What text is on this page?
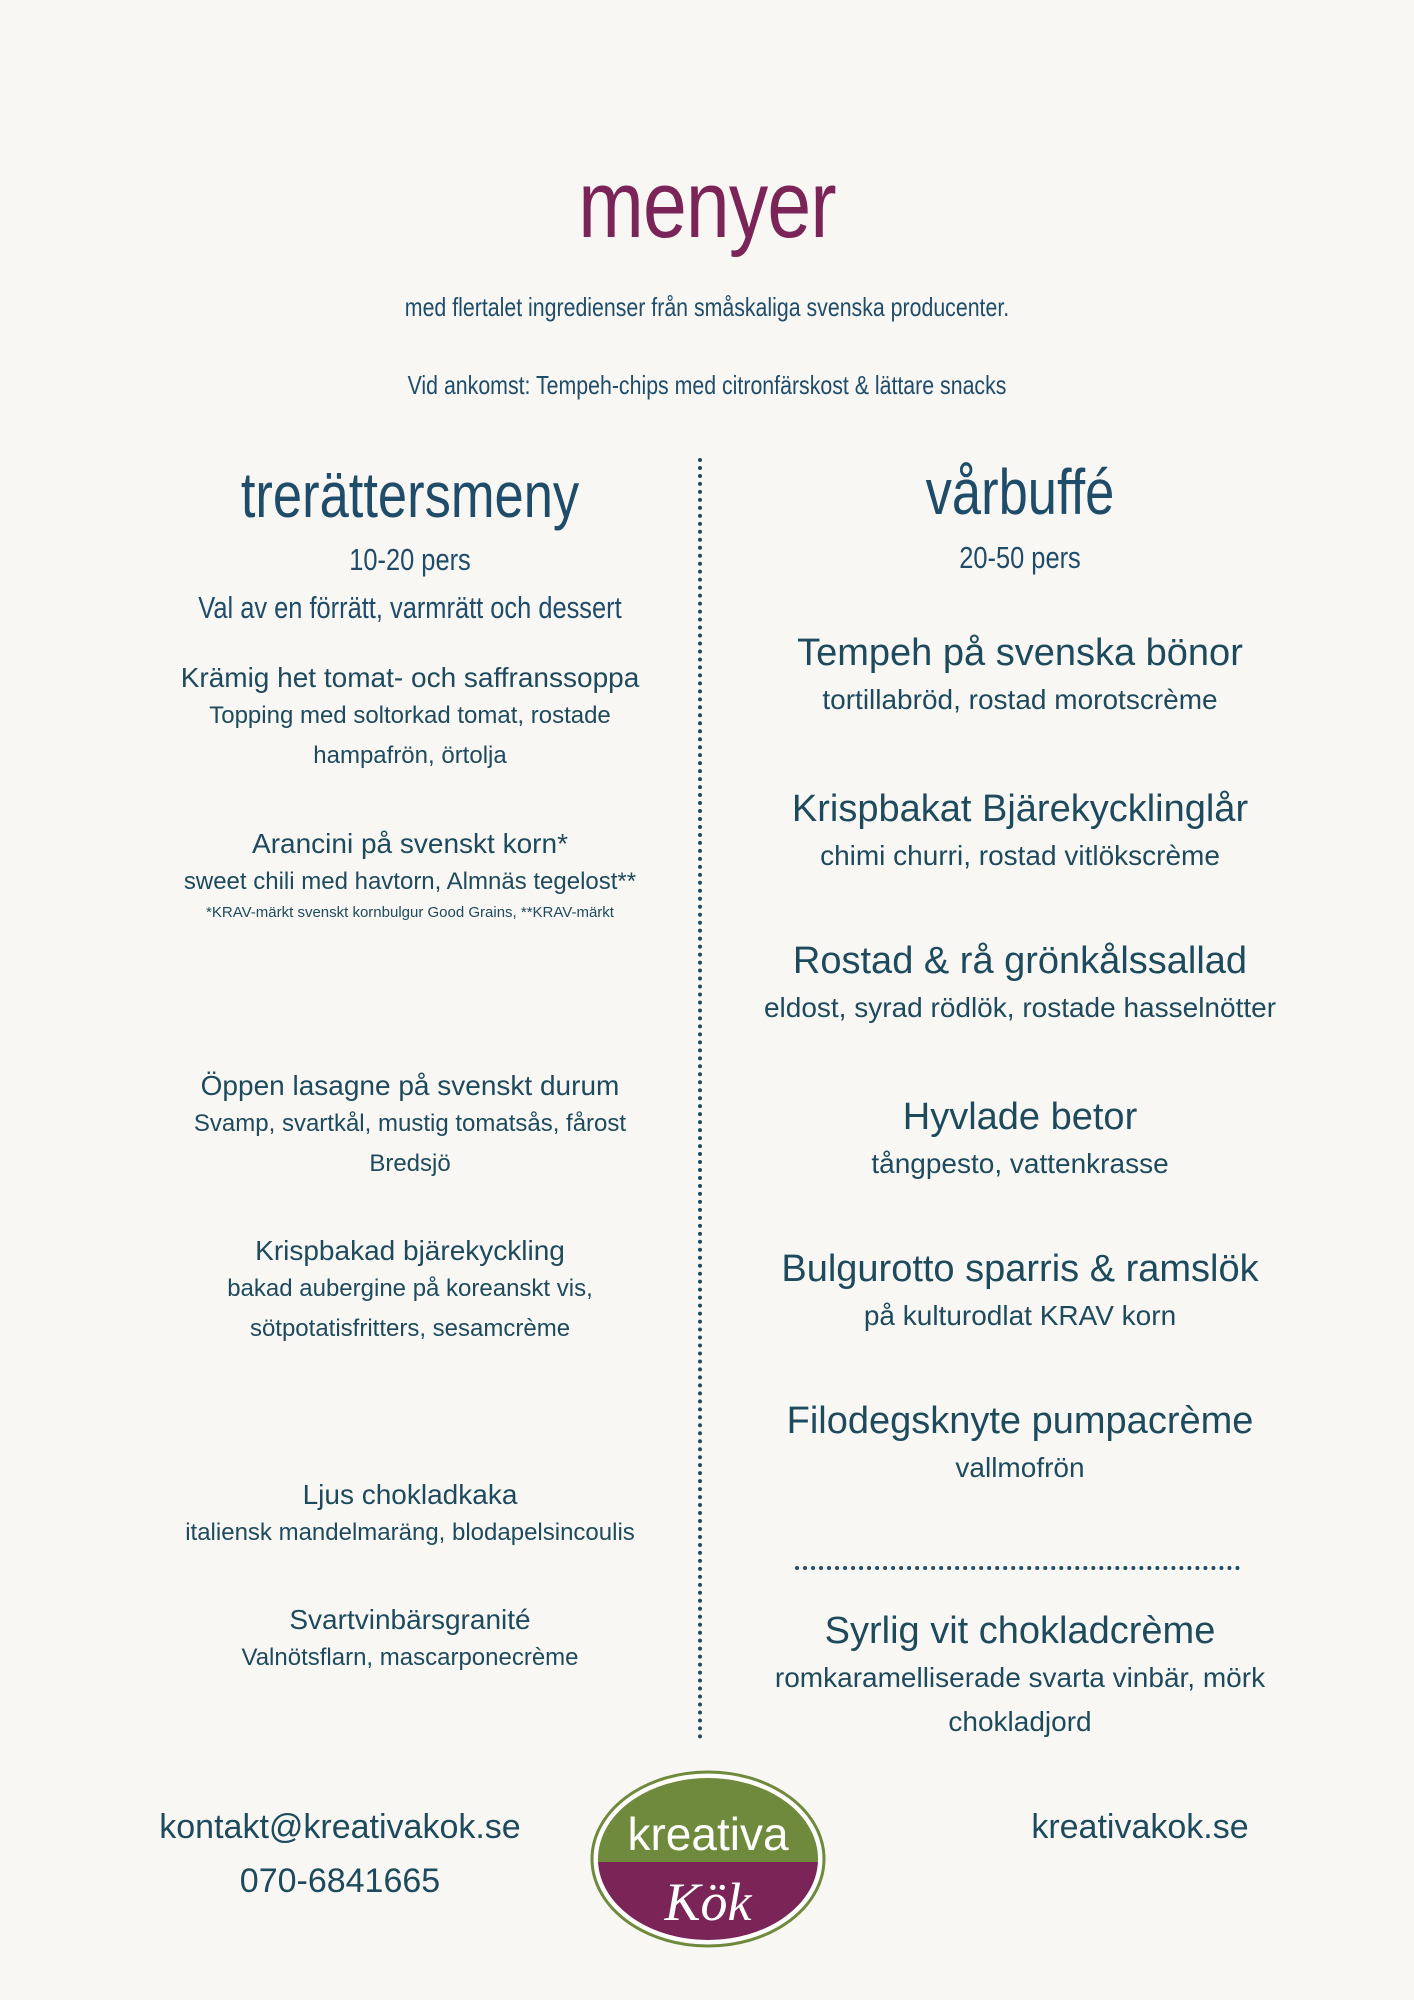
menyer
med flertalet ingredienser från småskaliga svenska producenter.
Vid ankomst: Tempeh-chips med citronfärskost & lättare snacks
trerättersmeny
10-20 pers
Val av en förrätt, varmrätt och dessert
Krämig het tomat- och saffranssoppa
Topping med soltorkad tomat, rostade hampafrön, örtolja
Arancini på svenskt korn*
sweet chili med havtorn, Almnäs tegelost**
*KRAV-märkt svenskt kornbulgur Good Grains, **KRAV-märkt
Öppen lasagne på svenskt durum
Svamp, svartkål, mustig tomatsås, fårost Bredsjö
Krispbakad bjärekyckling
bakad aubergine på koreanskt vis, sötpotatisfritters, sesamcrème
Ljus chokladkaka
italiensk mandelmaräng, blodapelsincoulis
Svartvinbärsgranité
Valnötsflarn, mascarponecrème
vårbuffé
20-50 pers
Tempeh på svenska bönor
tortillabröd, rostad morotscrème
Krispbakat Bjärekycklinglår
chimi churri, rostad vitlökscrème
Rostad & rå grönkålssallad
eldost, syrad rödlök, rostade hasselnötter
Hyvlade betor
tångpesto, vattenkrasse
Bulgurotto sparris & ramslök
på kulturodlat KRAV korn
Filodegsknyte pumpacrème
vallmofrön
Syrlig vit chokladcrème
romkaramelliserade svarta vinbär, mörk chokladjord
kontakt@kreativakok.se
070-6841665
kreativakok.se
kreativa
Kök
